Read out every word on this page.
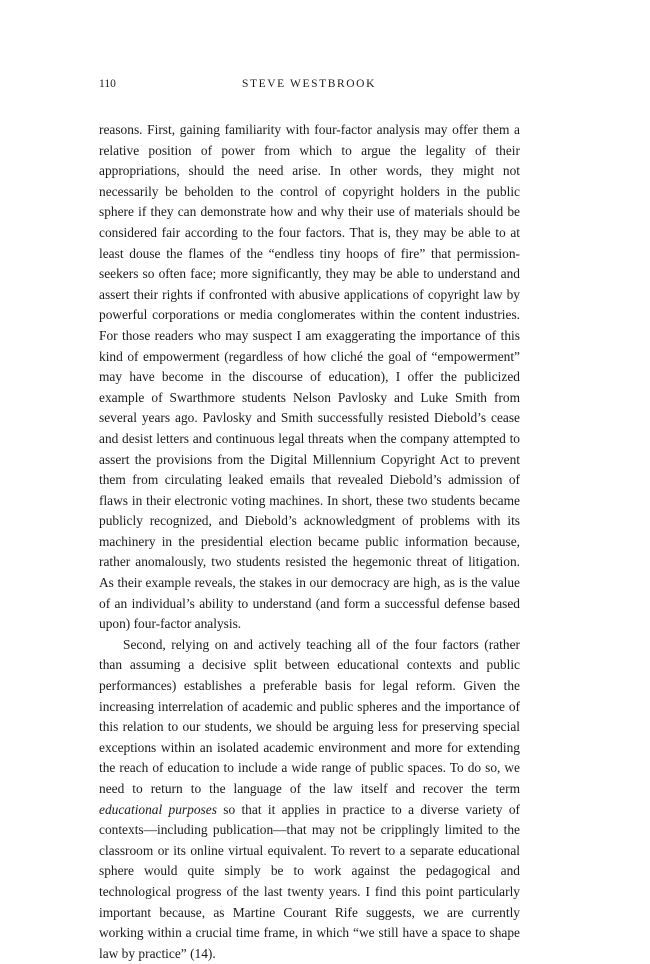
110	STEVE WESTBROOK

reasons. First, gaining familiarity with four-factor analysis may offer them a relative position of power from which to argue the legality of their appropriations, should the need arise. In other words, they might not necessarily be beholden to the control of copyright holders in the public sphere if they can demonstrate how and why their use of materials should be considered fair according to the four factors. That is, they may be able to at least douse the flames of the “endless tiny hoops of fire” that permission-seekers so often face; more significantly, they may be able to understand and assert their rights if confronted with abusive applications of copyright law by powerful corporations or media conglomerates within the content industries. For those readers who may suspect I am exaggerating the importance of this kind of empowerment (regardless of how cliché the goal of “empowerment” may have become in the discourse of education), I offer the publicized example of Swarthmore students Nelson Pavlosky and Luke Smith from several years ago. Pavlosky and Smith successfully resisted Diebold’s cease and desist letters and continuous legal threats when the company attempted to assert the provisions from the Digital Millennium Copyright Act to prevent them from circulating leaked emails that revealed Diebold’s admission of flaws in their electronic voting machines. In short, these two students became publicly recognized, and Diebold’s acknowledgment of problems with its machinery in the presidential election became public information because, rather anomalously, two students resisted the hegemonic threat of litigation. As their example reveals, the stakes in our democracy are high, as is the value of an individual’s ability to understand (and form a successful defense based upon) four-factor analysis.

Second, relying on and actively teaching all of the four factors (rather than assuming a decisive split between educational contexts and public performances) establishes a preferable basis for legal reform. Given the increasing interrelation of academic and public spheres and the importance of this relation to our students, we should be arguing less for preserving special exceptions within an isolated academic environment and more for extending the reach of education to include a wide range of public spaces. To do so, we need to return to the language of the law itself and recover the term educational purposes so that it applies in practice to a diverse variety of contexts—including publication—that may not be cripplingly limited to the classroom or its online virtual equivalent. To revert to a separate educational sphere would quite simply be to work against the pedagogical and technological progress of the last twenty years. I find this point particularly important because, as Martine Courant Rife suggests, we are currently working within a crucial time frame, in which “we still have a space to shape law by practice” (14).
